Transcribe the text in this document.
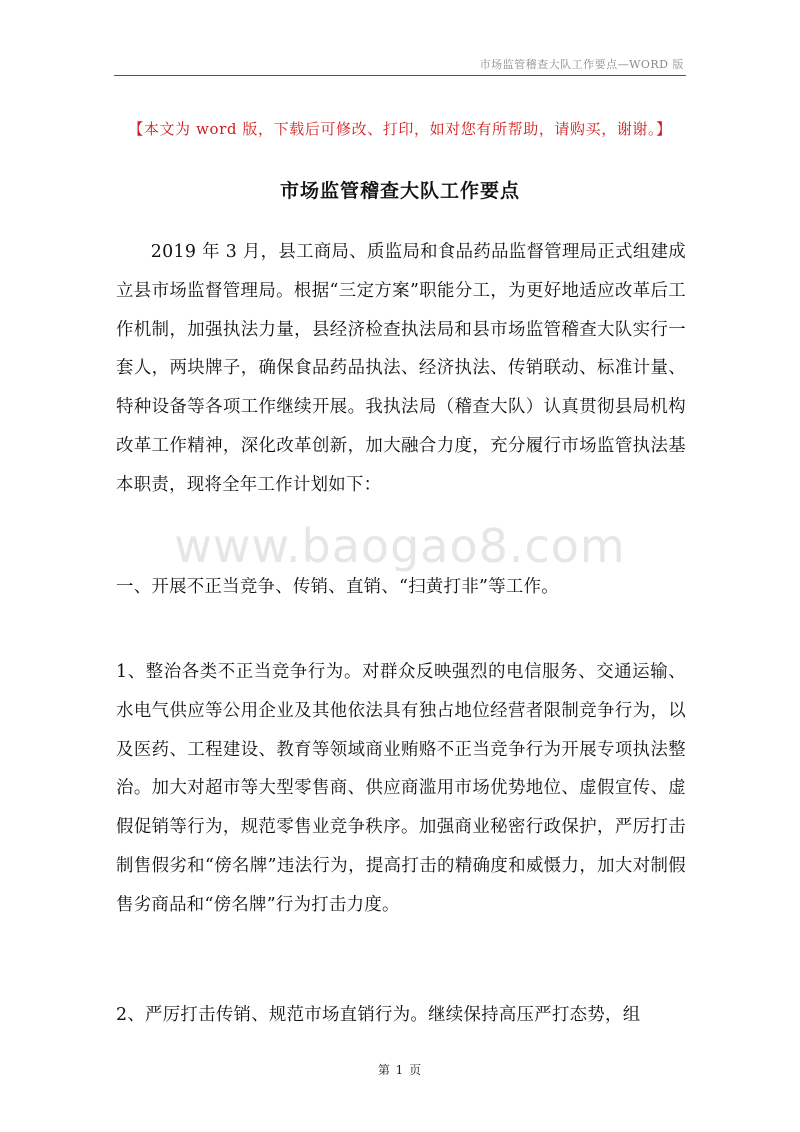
市场监管稽查大队工作要点—WORD 版
【本文为 word 版，下载后可修改、打印，如对您有所帮助，请购买，谢谢。】
市场监管稽查大队工作要点

2019 年 3 月，县工商局、质监局和食品药品监督管理局正式组建成立县市场监督管理局。根据“三定方案”职能分工，为更好地适应改革后工作机制，加强执法力量，县经济检查执法局和县市场监管稽查大队实行一套人，两块牌子，确保食品药品执法、经济执法、传销联动、标准计量、特种设备等各项工作继续开展。我执法局（稽查大队）认真贯彻县局机构改革工作精神，深化改革创新，加大融合力度，充分履行市场监管执法基本职责，现将全年工作计划如下：

www.baogao8.com

一、开展不正当竞争、传销、直销、“扫黄打非”等工作。

1、整治各类不正当竞争行为。对群众反映强烈的电信服务、交通运输、水电气供应等公用企业及其他依法具有独占地位经营者限制竞争行为，以及医药、工程建设、教育等领域商业贿赂不正当竞争行为开展专项执法整治。加大对超市等大型零售商、供应商滥用市场优势地位、虚假宣传、虚假促销等行为，规范零售业竞争秩序。加强商业秘密行政保护，严厉打击制售假劣和“傍名牌”违法行为，提高打击的精确度和威慑力，加大对制假售劣商品和“傍名牌”行为打击力度。

2、严厉打击传销、规范市场直销行为。继续保持高压严打态势，组

第 1 页
